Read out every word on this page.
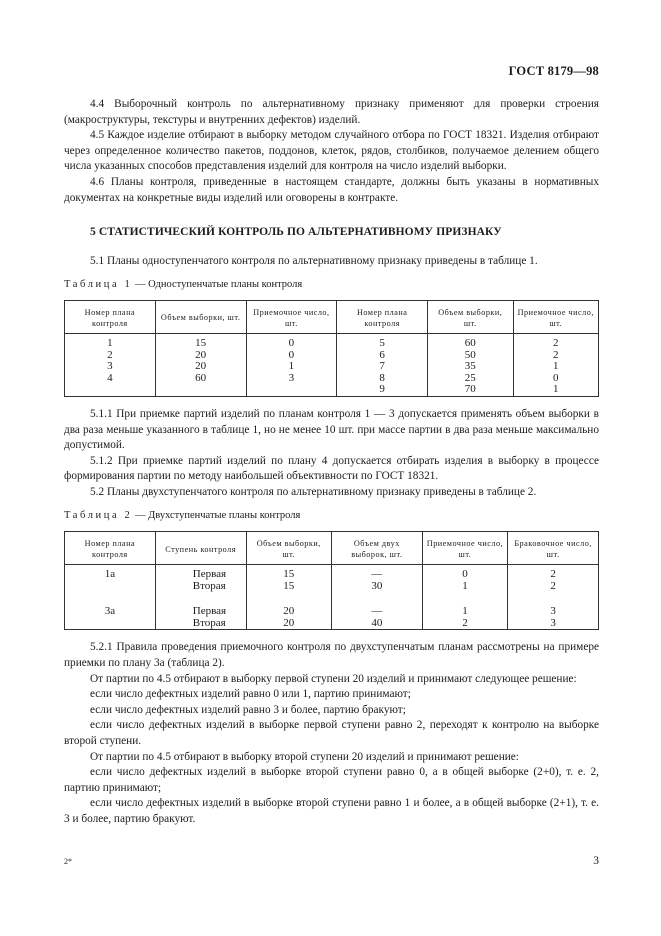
ГОСТ 8179—98

4.4 Выборочный контроль по альтернативному признаку применяют для проверки строения (макроструктуры, текстуры и внутренних дефектов) изделий.

4.5 Каждое изделие отбирают в выборку методом случайного отбора по ГОСТ 18321. Изделия отбирают через определенное количество пакетов, поддонов, клеток, рядов, столбиков, получаемое делением общего числа указанных способов представления изделий для контроля на число изделий выборки.

4.6 Планы контроля, приведенные в настоящем стандарте, должны быть указаны в нормативных документах на конкретные виды изделий или оговорены в контракте.

5 СТАТИСТИЧЕСКИЙ КОНТРОЛЬ ПО АЛЬТЕРНАТИВНОМУ ПРИЗНАКУ

5.1 Планы одноступенчатого контроля по альтернативному признаку приведены в таблице 1.

Таблица 1 — Одноступенчатые планы контроля
Номер плана контроля	Объем выборки, шт.	Приемочное число, шт.	Номер плана контроля	Объем выборки, шт.	Приемочное число, шт.
1	15	0	5	60	2
2	20	0	6	50	2
3	20	1	7	35	1
4	60	3	8	25	0
			9	70	1

5.1.1 При приемке партий изделий по планам контроля 1 — 3 допускается применять объем выборки в два раза меньше указанного в таблице 1, но не менее 10 шт. при массе партии в два раза меньше максимально допустимой.

5.1.2 При приемке партий изделий по плану 4 допускается отбирать изделия в выборку в процессе формирования партии по методу наибольшей объективности по ГОСТ 18321.

5.2 Планы двухступенчатого контроля по альтернативному признаку приведены в таблице 2.

Таблица 2 — Двухступенчатые планы контроля
Номер плана контроля	Ступень контроля	Объем выборки, шт.	Объем двух выборок, шт.	Приемочное число, шт.	Браковочное число, шт.
1а	Первая	15	—	0	2
	Вторая	15	30	1	2

3а	Первая	20	—	1	3
	Вторая	20	40	2	3

5.2.1 Правила проведения приемочного контроля по двухступенчатым планам рассмотрены на примере приемки по плану 3а (таблица 2).

От партии по 4.5 отбирают в выборку первой ступени 20 изделий и принимают следующее решение:

если число дефектных изделий равно 0 или 1, партию принимают;

если число дефектных изделий равно 3 и более, партию бракуют;

если число дефектных изделий в выборке первой ступени равно 2, переходят к контролю на выборке второй ступени.

От партии по 4.5 отбирают в выборку второй ступени 20 изделий и принимают решение:

если число дефектных изделий в выборке второй ступени равно 0, а в общей выборке (2+0), т. е. 2, партию принимают;

если число дефектных изделий в выборке второй ступени равно 1 и более, а в общей выборке (2+1), т. е. 3 и более, партию бракуют.

2*	3
